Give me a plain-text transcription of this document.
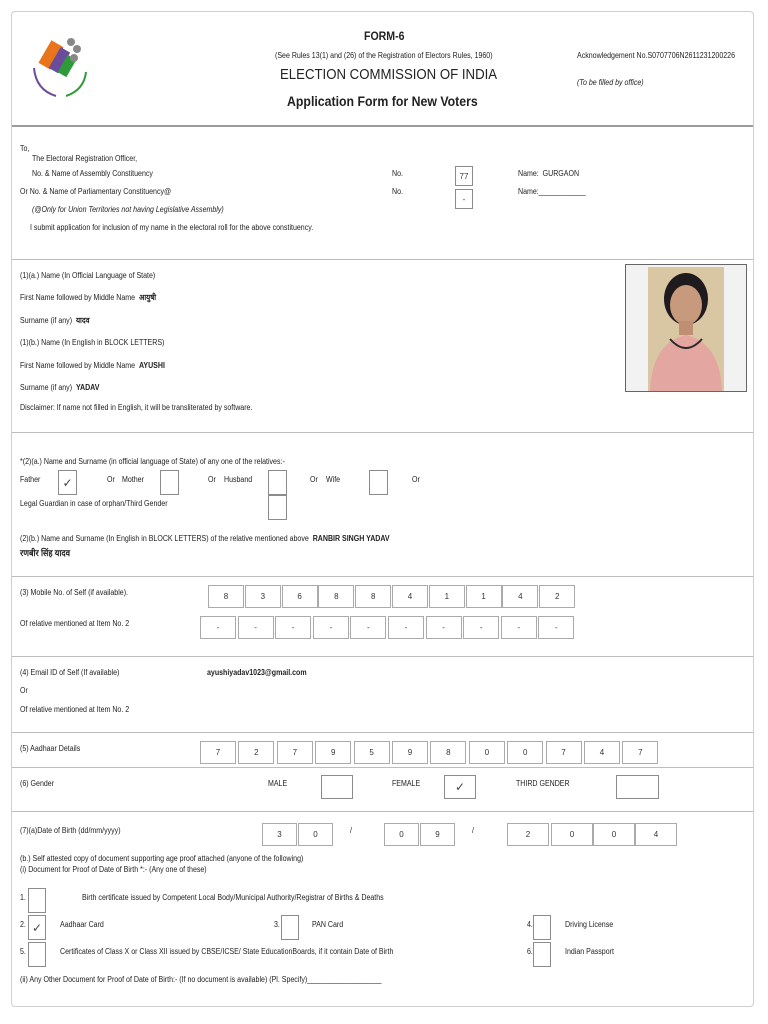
FORM-6
(See Rules 13(1) and (26) of the Registration of Electors Rules, 1960)
ELECTION COMMISSION OF INDIA
Application Form for New Voters
Acknowledgement No.S0707706N2611231200226
(To be filled by office)
To,
The Electoral Registration Officer,
No. & Name of Assembly Constituency
Or No. & Name of Parliamentary Constituency@
(@Only for Union Territories not having Legislative Assembly)
I submit application for inclusion of my name in the electoral roll for the above constituency.
No.
No.
77
-
Name: GURGAON
Name:____________
(1)(a.) Name (In Official Language of State)
First Name followed by Middle Name आयुषी
Surname (if any) यादव
(1)(b.) Name (In English in BLOCK LETTERS)
First Name followed by Middle Name AYUSHI
Surname (if any) YADAV
Disclaimer: If name not filled in English, it will be transliterated by software.
*(2)(a.) Name and Surname (in official language of State) of any one of the relatives:-
Father	✓	Or Mother	Or Husband	Or Wife	Or
Legal Guardian in case of orphan/Third Gender
(2)(b.) Name and Surname (In English in BLOCK LETTERS) of the relative mentioned above RANBIR SINGH YADAV
रणबीर सिंह यादव
(3) Mobile No. of Self (if available).	8	3	6	8	8	4	1	1	4	2
Of relative mentioned at Item No. 2	-	-	-	-	-	-	-	-	-	-
(4) Email ID of Self (If available)	ayushiyadav1023@gmail.com
Or
Of relative mentioned at Item No. 2
(5) Aadhaar Details	7	2	7	9	5	9	8	0	0	7	4	7
(6) Gender	MALE	FEMALE	✓	THIRD GENDER
(7)(a)Date of Birth (dd/mm/yyyy)	3	0	0	9	2	0	0	4
/	/
(b.) Self attested copy of document supporting age proof attached (anyone of the following)
(i) Document for Proof of Date of Birth *:- (Any one of these)
1.	Birth certificate issued by Competent Local Body/Municipal Authority/Registrar of Births & Deaths
2. ✓	Aadhaar Card	3.	PAN Card	4.	Driving License
5.	Certificates of Class X or Class XII issued by CBSE/ICSE/ State EducationBoards, if it contain Date of Birth	6.	Indian Passport
(ii) Any Other Document for Proof of Date of Birth:- (If no document is available) (Pl. Specify)___________________
